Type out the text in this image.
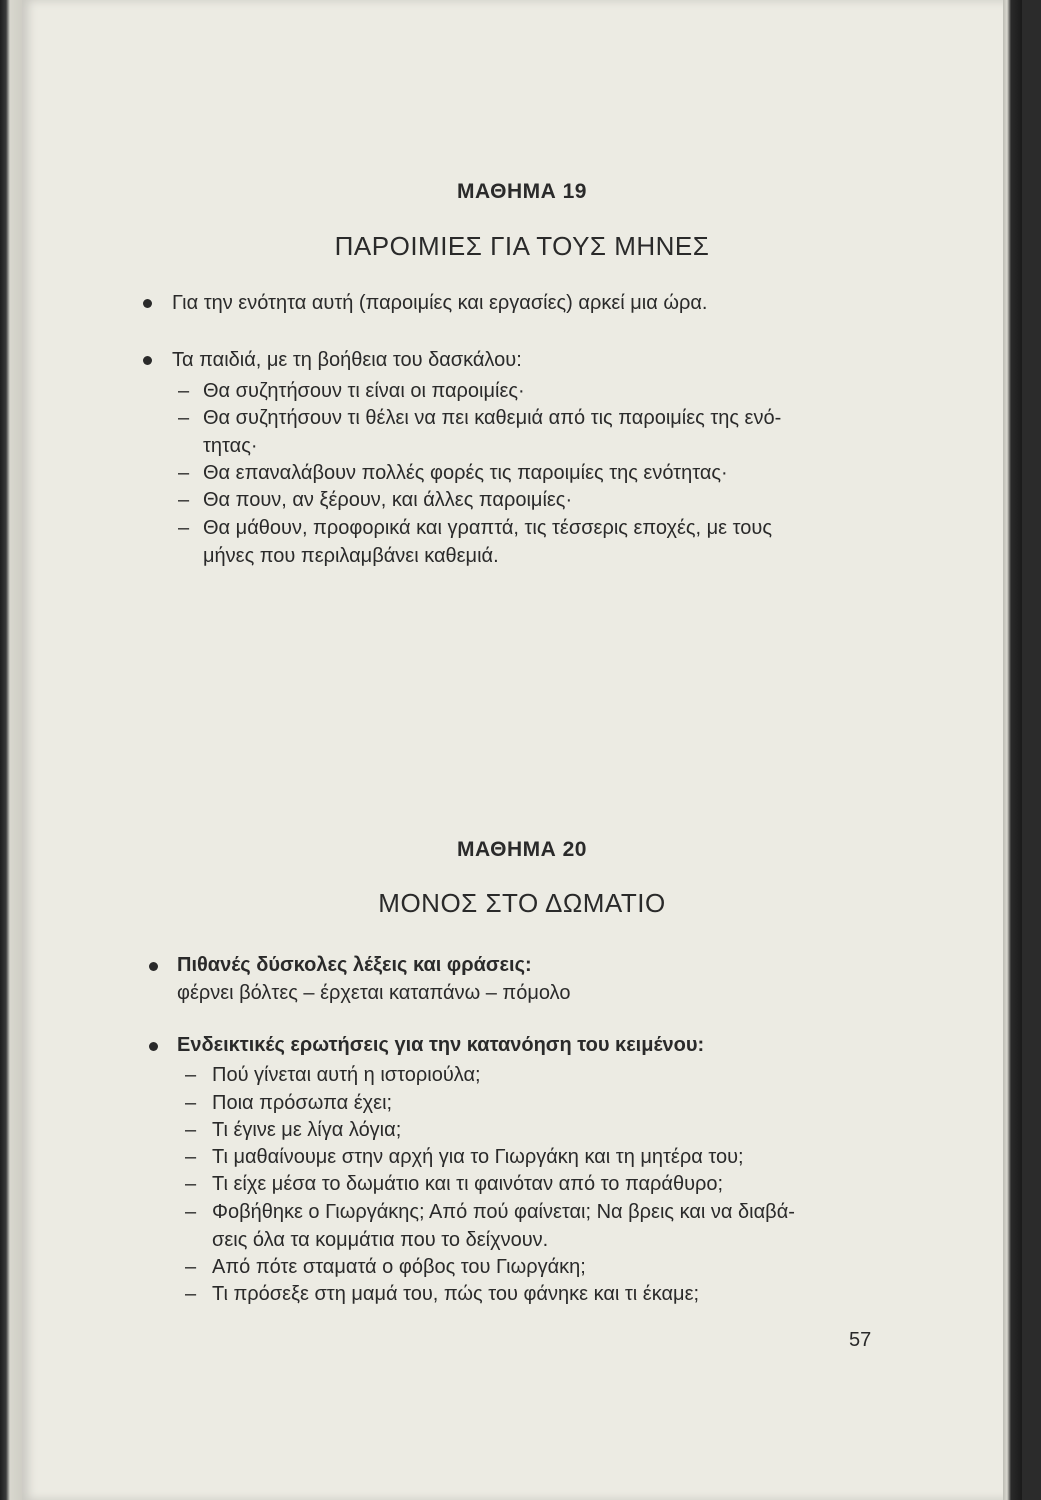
ΜΑΘΗΜΑ 19
ΠΑΡΟΙΜΙΕΣ ΓΙΑ ΤΟΥΣ ΜΗΝΕΣ
Για την ενότητα αυτή (παροιμίες και εργασίες) αρκεί μια ώρα.
Τα παιδιά, με τη βοήθεια του δασκάλου:
– Θα συζητήσουν τι είναι οι παροιμίες·
– Θα συζητήσουν τι θέλει να πει καθεμιά από τις παροιμίες της ενό-
τητας·
– Θα επαναλάβουν πολλές φορές τις παροιμίες της ενότητας·
– Θα πουν, αν ξέρουν, και άλλες παροιμίες·
– Θα μάθουν, προφορικά και γραπτά, τις τέσσερις εποχές, με τους
μήνες που περιλαμβάνει καθεμιά.
ΜΑΘΗΜΑ 20
ΜΟΝΟΣ ΣΤΟ ΔΩΜΑΤΙΟ
Πιθανές δύσκολες λέξεις και φράσεις:
φέρνει βόλτες – έρχεται καταπάνω – πόμολο
Ενδεικτικές ερωτήσεις για την κατανόηση του κειμένου:
– Πού γίνεται αυτή η ιστοριούλα;
– Ποια πρόσωπα έχει;
– Τι έγινε με λίγα λόγια;
– Τι μαθαίνουμε στην αρχή για το Γιωργάκη και τη μητέρα του;
– Τι είχε μέσα το δωμάτιο και τι φαινόταν από το παράθυρο;
– Φοβήθηκε ο Γιωργάκης; Από πού φαίνεται; Να βρεις και να διαβά-
σεις όλα τα κομμάτια που το δείχνουν.
– Από πότε σταματά ο φόβος του Γιωργάκη;
– Τι πρόσεξε στη μαμά του, πώς του φάνηκε και τι έκαμε;
57
